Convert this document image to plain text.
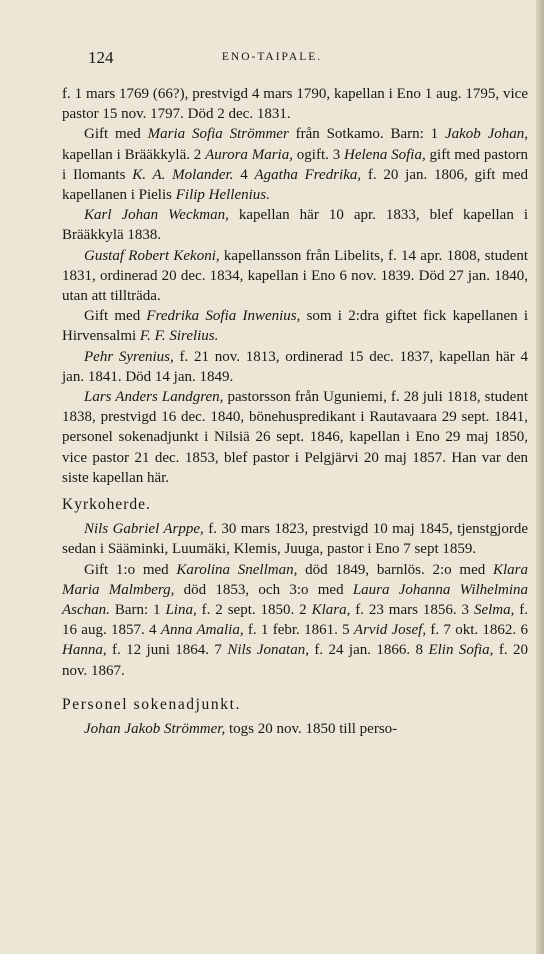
124	ENO-TAIPALE.

f. 1 mars 1769 (66?), prestvigd 4 mars 1790, kapellan i Eno 1 aug. 1795, vice pastor 15 nov. 1797. Död 2 dec. 1831.

Gift med Maria Sofia Strömmer från Sotkamo. Barn: 1 Jakob Johan, kapellan i Brääkkylä. 2 Aurora Maria, ogift. 3 Helena Sofia, gift med pastorn i Ilomants K. A. Molander. 4 Agatha Fredrika, f. 20 jan. 1806, gift med kapellanen i Pielis Filip Hellenius.

Karl Johan Weckman, kapellan här 10 apr. 1833, blef kapellan i Brääkkylä 1838.

Gustaf Robert Kekoni, kapellansson från Libelits, f. 14 apr. 1808, student 1831, ordinerad 20 dec. 1834, kapellan i Eno 6 nov. 1839. Död 27 jan. 1840, utan att tillträda.

Gift med Fredrika Sofia Inwenius, som i 2:dra giftet fick kapellanen i Hirvensalmi F. F. Sirelius.

Pehr Syrenius, f. 21 nov. 1813, ordinerad 15 dec. 1837, kapellan här 4 jan. 1841. Död 14 jan. 1849.

Lars Anders Landgren, pastorsson från Uguniemi, f. 28 juli 1818, student 1838, prestvigd 16 dec. 1840, bönehuspredikant i Rautavaara 29 sept. 1841, personel sokenadjunkt i Nilsiä 26 sept. 1846, kapellan i Eno 29 maj 1850, vice pastor 21 dec. 1853, blef pastor i Pelgjärvi 20 maj 1857. Han var den siste kapellan här.

Kyrkoherde.

Nils Gabriel Arppe, f. 30 mars 1823, prestvigd 10 maj 1845, tjenstgjorde sedan i Sääminki, Luumäki, Klemis, Juuga, pastor i Eno 7 sept 1859.

Gift 1:o med Karolina Snellman, död 1849, barnlös. 2:o med Klara Maria Malmberg, död 1853, och 3:o med Laura Johanna Wilhelmina Aschan. Barn: 1 Lina, f. 2 sept. 1850. 2 Klara, f. 23 mars 1856. 3 Selma, f. 16 aug. 1857. 4 Anna Amalia, f. 1 febr. 1861. 5 Arvid Josef, f. 7 okt. 1862. 6 Hanna, f. 12 juni 1864. 7 Nils Jonatan, f. 24 jan. 1866. 8 Elin Sofia, f. 20 nov. 1867.

Personel sokenadjunkt.

Johan Jakob Strömmer, togs 20 nov. 1850 till perso-
